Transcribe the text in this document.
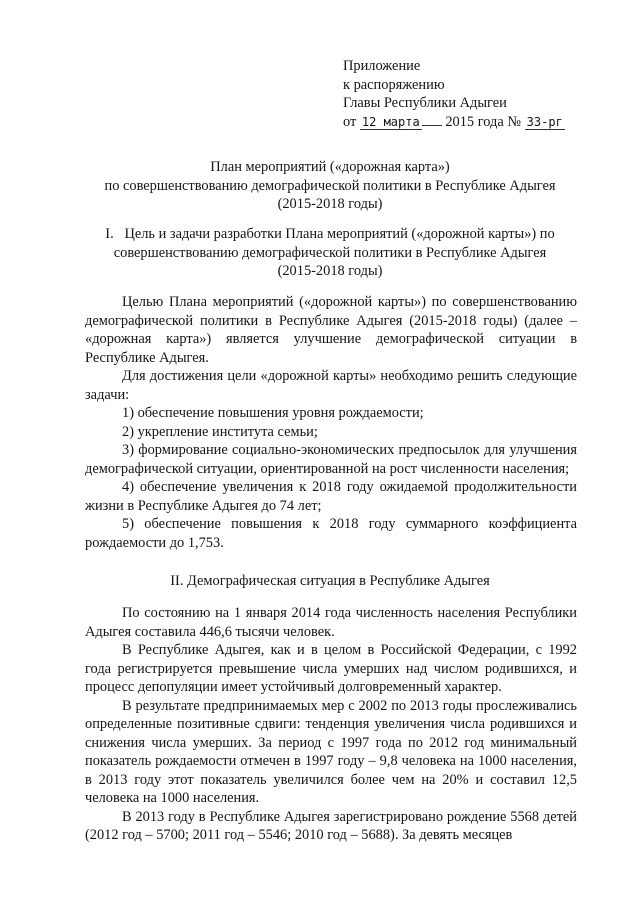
Приложение
к распоряжению
Главы Республики Адыгеи
от 12 марта 2015 года № 33-рг
План мероприятий («дорожная карта»)
по совершенствованию демографической политики в Республике Адыгея
(2015-2018 годы)
I.   Цель и задачи разработки Плана мероприятий («дорожной карты») по
совершенствованию демографической политики в Республике Адыгея
(2015-2018 годы)

Целью Плана мероприятий («дорожной карты») по совершенствованию демографической политики в Республике Адыгея (2015-2018 годы) (далее – «дорожная карта») является улучшение демографической ситуации в Республике Адыгея.

Для достижения цели «дорожной карты» необходимо решить следующие задачи:

1) обеспечение повышения уровня рождаемости;

2) укрепление института семьи;

3) формирование социально-экономических предпосылок для улучшения демографической ситуации, ориентированной на рост численности населения;

4) обеспечение увеличения к 2018 году ожидаемой продолжительности жизни в Республике Адыгея до 74 лет;

5) обеспечение повышения к 2018 году суммарного коэффициента рождаемости до 1,753.

II. Демографическая ситуация в Республике Адыгея

По состоянию на 1 января 2014 года численность населения Республики Адыгея составила 446,6 тысячи человек.

В Республике Адыгея, как и в целом в Российской Федерации, с 1992 года регистрируется превышение числа умерших над числом родившихся, и процесс депопуляции имеет устойчивый долговременный характер.

В результате предпринимаемых мер с 2002 по 2013 годы прослеживались определенные позитивные сдвиги: тенденция увеличения числа родившихся и снижения числа умерших. За период с 1997 года по 2012 год минимальный показатель рождаемости отмечен в 1997 году – 9,8 человека на 1000 населения, в 2013 году этот показатель увеличился более чем на 20% и составил 12,5 человека на 1000 населения.

В 2013 году в Республике Адыгея зарегистрировано рождение 5568 детей (2012 год – 5700; 2011 год – 5546; 2010 год – 5688). За девять месяцев
